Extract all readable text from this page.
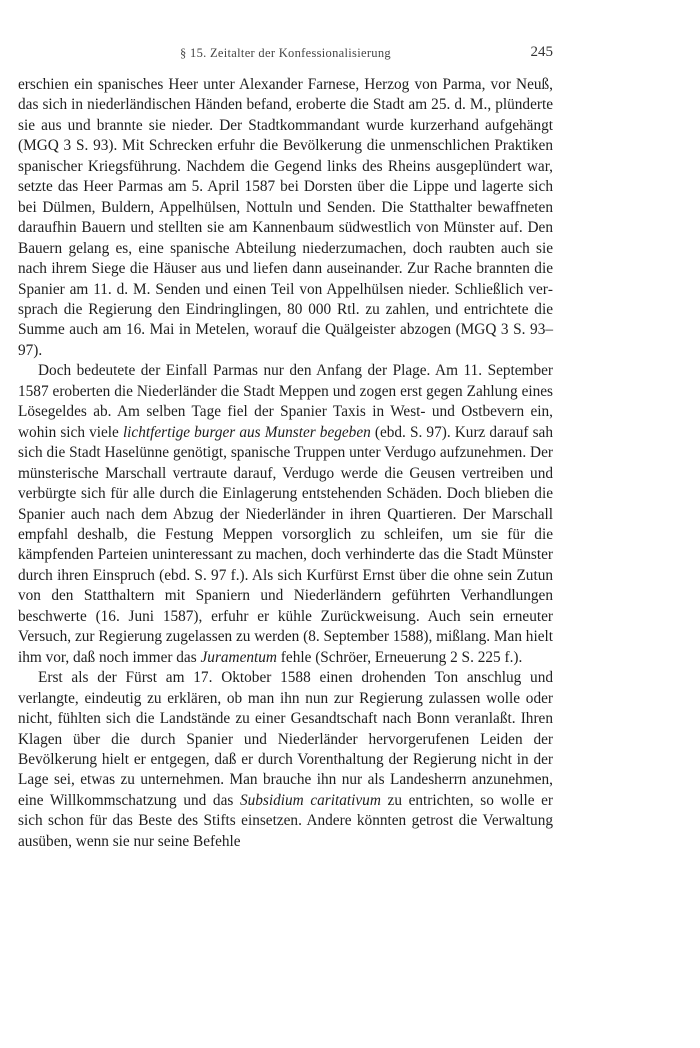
§ 15. Zeitalter der Konfessionalisierung	245

erschien ein spanisches Heer unter Alexander Farnese, Herzog von Parma, vor Neuß, das sich in niederländischen Händen befand, eroberte die Stadt am 25. d. M., plünderte sie aus und brannte sie nieder. Der Stadtkommandant wurde kurzerhand aufgehängt (MGQ 3 S. 93). Mit Schrecken erfuhr die Bevölkerung die unmenschlichen Praktiken spanischer Kriegsführung. Nachdem die Gegend links des Rheins ausgeplündert war, setzte das Heer Parmas am 5. April 1587 bei Dorsten über die Lippe und lagerte sich bei Dülmen, Buldern, Appelhülsen, Nottuln und Senden. Die Statthalter bewaffneten daraufhin Bauern und stellten sie am Kannenbaum südwestlich von Münster auf. Den Bauern gelang es, eine spanische Abteilung niederzumachen, doch raubten auch sie nach ihrem Siege die Häuser aus und liefen dann auseinander. Zur Rache brannten die Spanier am 11. d. M. Senden und einen Teil von Appelhülsen nieder. Schließlich versprach die Regierung den Eindringlingen, 80 000 Rtl. zu zahlen, und entrichtete die Summe auch am 16. Mai in Metelen, worauf die Quälgeister abzogen (MGQ 3 S. 93–97).

Doch bedeutete der Einfall Parmas nur den Anfang der Plage. Am 11. September 1587 eroberten die Niederländer die Stadt Meppen und zogen erst gegen Zahlung eines Lösegeldes ab. Am selben Tage fiel der Spanier Taxis in West- und Ostbevern ein, wohin sich viele lichtfertige burger aus Munster begeben (ebd. S. 97). Kurz darauf sah sich die Stadt Haselünne genötigt, spanische Truppen unter Verdugo aufzunehmen. Der münsterische Marschall vertraute darauf, Verdugo werde die Geusen vertreiben und verbürgte sich für alle durch die Einlagerung entstehenden Schäden. Doch blieben die Spanier auch nach dem Abzug der Niederländer in ihren Quartieren. Der Marschall empfahl deshalb, die Festung Meppen vorsorglich zu schleifen, um sie für die kämpfenden Parteien uninteressant zu machen, doch verhinderte das die Stadt Münster durch ihren Einspruch (ebd. S. 97 f.). Als sich Kurfürst Ernst über die ohne sein Zutun von den Statthaltern mit Spaniern und Niederländern geführten Verhandlungen beschwerte (16. Juni 1587), erfuhr er kühle Zurückweisung. Auch sein erneuter Versuch, zur Regierung zugelassen zu werden (8. September 1588), mißlang. Man hielt ihm vor, daß noch immer das Juramentum fehle (Schröer, Erneuerung 2 S. 225 f.).

Erst als der Fürst am 17. Oktober 1588 einen drohenden Ton anschlug und verlangte, eindeutig zu erklären, ob man ihn nun zur Regierung zulassen wolle oder nicht, fühlten sich die Landstände zu einer Gesandtschaft nach Bonn veranlaßt. Ihren Klagen über die durch Spanier und Niederländer hervorgerufenen Leiden der Bevölkerung hielt er entgegen, daß er durch Vorenthaltung der Regierung nicht in der Lage sei, etwas zu unternehmen. Man brauche ihn nur als Landesherrn anzunehmen, eine Willkommschatzung und das Subsidium caritativum zu entrichten, so wolle er sich schon für das Beste des Stifts einsetzen. Andere könnten getrost die Verwaltung ausüben, wenn sie nur seine Befehle
